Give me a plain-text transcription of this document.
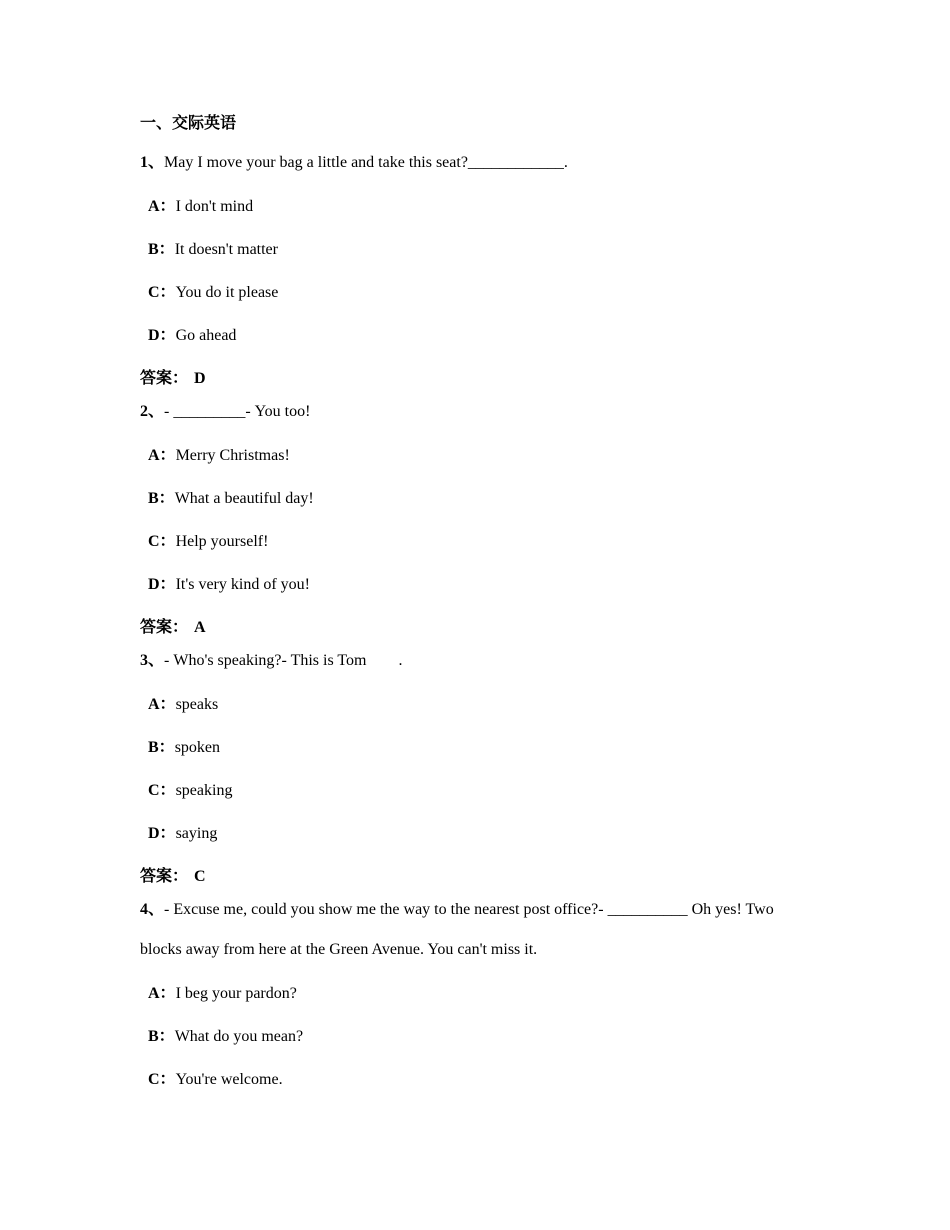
一、交际英语
1、May I move your bag a little and take this seat?____________.
A：I don't mind
B：It doesn't matter
C：You do it please
D：Go ahead
答案： D
2、- _________- You too!
A：Merry Christmas!
B：What a beautiful day!
C：Help yourself!
D：It's very kind of you!
答案： A
3、- Who's speaking?- This is Tom        .
A：speaks
B：spoken
C：speaking
D：saying
答案： C
4、- Excuse me, could you show me the way to the nearest post office?- __________ Oh yes! Two blocks away from here at the Green Avenue. You can't miss it.
A：I beg your pardon?
B：What do you mean?
C：You're welcome.
